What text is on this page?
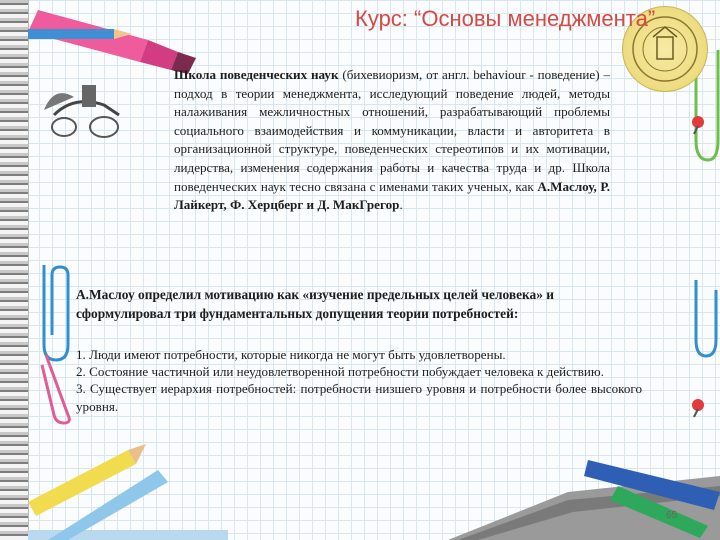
Курс: “Основы менеджмента”
Школа поведенческих наук (бихевиоризм, от англ. behaviour - поведение) – подход в теории менеджмента, исследующий поведение людей, методы налаживания межличностных отношений, разрабатывающий проблемы социального взаимодействия и коммуникации, власти и авторитета в организационной структуре, поведенческих стереотипов и их мотивации, лидерства, изменения содержания работы и качества труда и др. Школа поведенческих наук тесно связана с именами таких ученых, как А.Маслоу, Р. Лайкерт, Ф. Херцберг и Д. МакГрегор.
А.Маслоу определил мотивацию как «изучение предельных целей человека» и сформулировал три фундаментальных допущения теории потребностей:
1. Люди имеют потребности, которые никогда не могут быть удовлетворены.
2. Состояние частичной или неудовлетворенной потребности побуждает человека к действию.
3. Существует иерархия потребностей: потребности низшего уровня и потребности более высокого уровня.
65
